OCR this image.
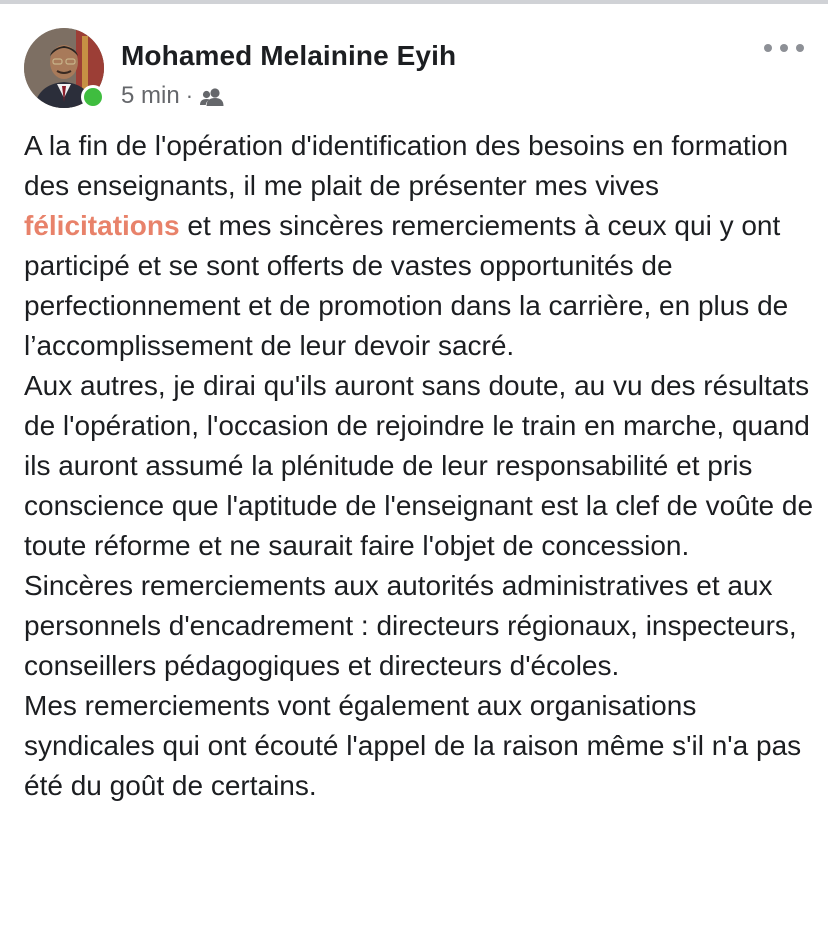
Mohamed Melainine Eyih
5 min ·

A la fin de l'opération d'identification des besoins en formation des enseignants, il me plait de présenter mes vives félicitations et mes sincères remerciements à ceux qui y ont participé et se sont offerts de vastes opportunités de perfectionnement et de promotion dans la carrière, en plus de l’accomplissement de leur devoir sacré.

Aux autres, je dirai qu'ils auront sans doute, au vu des résultats de l'opération, l'occasion de rejoindre le train en marche, quand ils auront assumé la plénitude de leur responsabilité et pris conscience que l'aptitude de l'enseignant est la clef de voûte de toute réforme et ne saurait faire l'objet de concession.

Sincères remerciements aux autorités administratives et aux personnels d'encadrement : directeurs régionaux, inspecteurs, conseillers pédagogiques et directeurs d'écoles.

Mes remerciements vont également aux organisations syndicales qui ont écouté l'appel de la raison même s'il n'a pas été du goût de certains.
